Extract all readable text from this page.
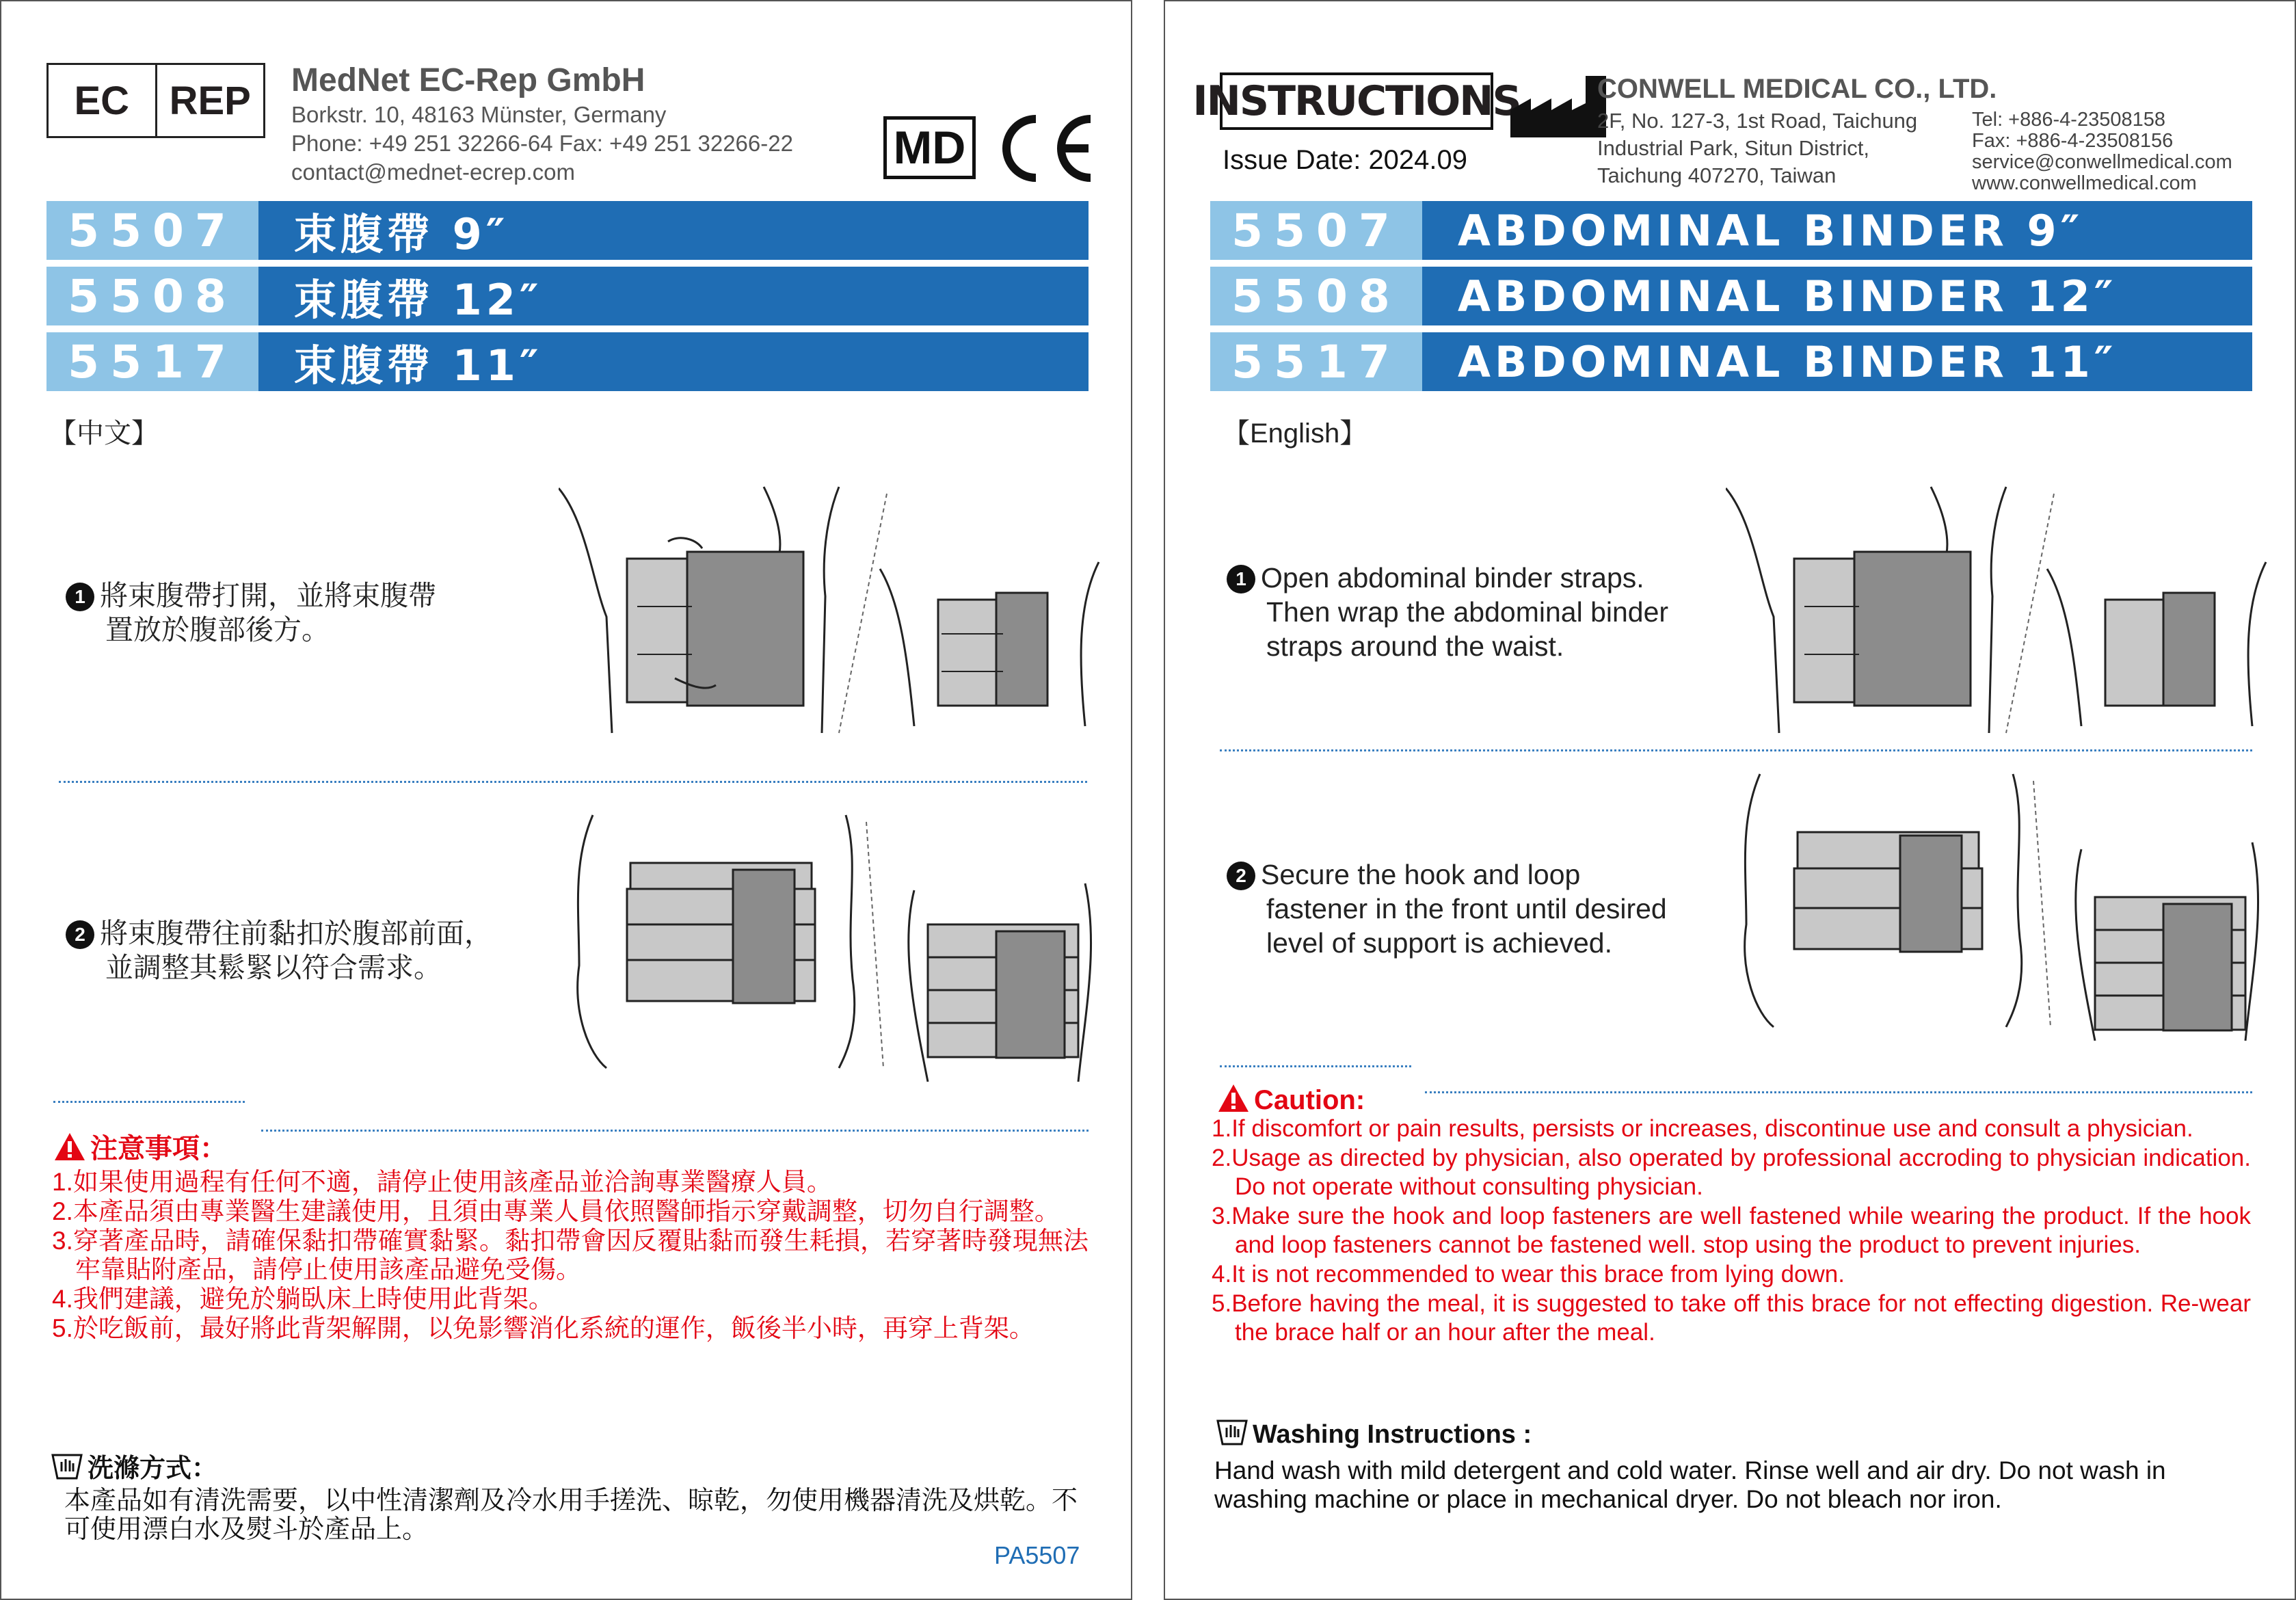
EC	REP	MedNet EC-Rep GmbH
Borkstr. 10, 48163 Münster, Germany
Phone: +49 251 32266-64 Fax: +49 251 32266-22
contact@mednet-ecrep.com	MD
5507	束腹帶 9″
5508	束腹帶 12″
5517	束腹帶 11″
【中文】
1 將束腹帶打開，並將束腹帶
置放於腹部後方。
2 將束腹帶往前黏扣於腹部前面，
並調整其鬆緊以符合需求。
注意事項：
1.如果使用過程有任何不適，請停止使用該產品並洽詢專業醫療人員。
2.本產品須由專業醫生建議使用，且須由專業人員依照醫師指示穿戴調整，切勿自行調整。
3.穿著產品時，請確保黏扣帶確實黏緊。黏扣帶會因反覆貼黏而發生耗損，若穿著時發現無法牢靠貼附產品，請停止使用該產品避免受傷。
4.我們建議，避免於躺臥床上時使用此背架。
5.於吃飯前，最好將此背架解開，以免影響消化系統的運作，飯後半小時，再穿上背架。
洗滌方式：
本產品如有清洗需要，以中性清潔劑及冷水用手搓洗、晾乾，勿使用機器清洗及烘乾。不可使用漂白水及熨斗於產品上。
PA5507
INSTRUCTIONS
Issue Date: 2024.09
CONWELL MEDICAL CO., LTD.
2F, No. 127-3, 1st Road, Taichung
Industrial Park, Situn District,
Taichung 407270, Taiwan
Tel: +886-4-23508158
Fax: +886-4-23508156
service@conwellmedical.com
www.conwellmedical.com
5507	ABDOMINAL BINDER 9″
5508	ABDOMINAL BINDER 12″
5517	ABDOMINAL BINDER 11″
【English】
1 Open abdominal binder straps.
Then wrap the abdominal binder
straps around the waist.
2 Secure the hook and loop
fastener in the front until desired
level of support is achieved.
Caution:
1.If discomfort or pain results, persists or increases, discontinue use and consult a physician.
2.Usage as directed by physician, also operated by professional accroding to physician indication. Do not operate without consulting physician.
3.Make sure the hook and loop fasteners are well fastened while wearing the product. If the hook and loop fasteners cannot be fastened well. stop using the product to prevent injuries.
4.It is not recommended to wear this brace from lying down.
5.Before having the meal, it is suggested to take off this brace for not effecting digestion. Re-wear the brace half or an hour after the meal.
Washing Instructions :
Hand wash with mild detergent and cold water. Rinse well and air dry. Do not wash in washing machine or place in mechanical dryer. Do not bleach nor iron.
